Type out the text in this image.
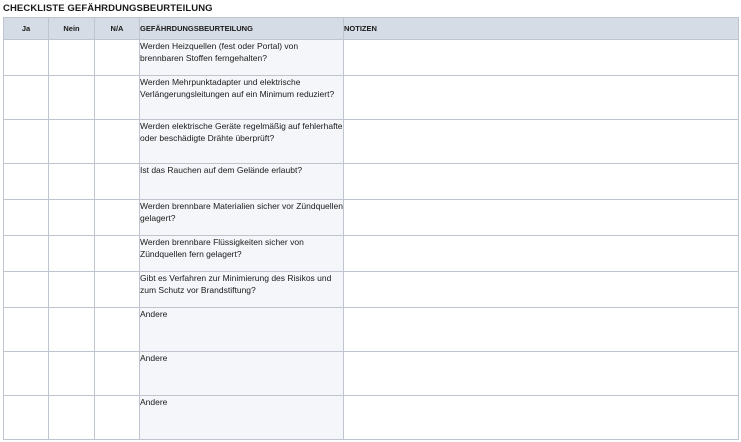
CHECKLISTE GEFÄHRDUNGSBEURTEILUNG
Ja	Nein	N/A	GEFÄHRDUNGSBEURTEILUNG	NOTIZEN
			Werden Heizquellen (fest oder Portal) von brennbaren Stoffen ferngehalten?	
			Werden Mehrpunktadapter und elektrische Verlängerungsleitungen auf ein Minimum reduziert?	
			Werden elektrische Geräte regelmäßig auf fehlerhafte oder beschädigte Drähte überprüft?	
			Ist das Rauchen auf dem Gelände erlaubt?	
			Werden brennbare Materialien sicher vor Zündquellen gelagert?	
			Werden brennbare Flüssigkeiten sicher von Zündquellen fern gelagert?	
			Gibt es Verfahren zur Minimierung des Risikos und zum Schutz vor Brandstiftung?	
			Andere	
			Andere	
			Andere	
